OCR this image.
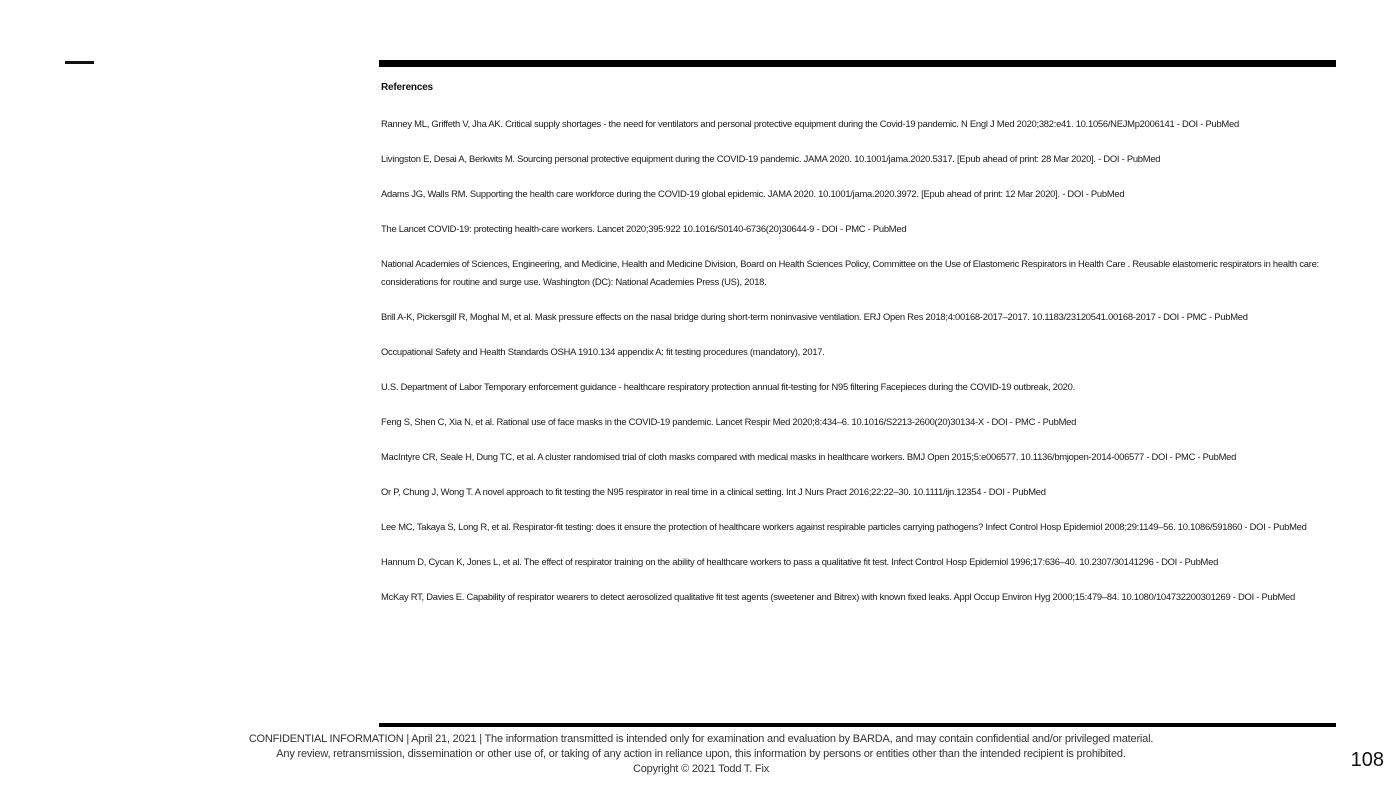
References
Ranney ML, Griffeth V, Jha AK. Critical supply shortages - the need for ventilators and personal protective equipment during the Covid-19 pandemic. N Engl J Med 2020;382:e41. 10.1056/NEJMp2006141 - DOI - PubMed
Livingston E, Desai A, Berkwits M. Sourcing personal protective equipment during the COVID-19 pandemic. JAMA 2020. 10.1001/jama.2020.5317. [Epub ahead of print: 28 Mar 2020]. - DOI - PubMed
Adams JG, Walls RM. Supporting the health care workforce during the COVID-19 global epidemic. JAMA 2020. 10.1001/jama.2020.3972. [Epub ahead of print: 12 Mar 2020]. - DOI - PubMed
The Lancet COVID-19: protecting health-care workers. Lancet 2020;395:922 10.1016/S0140-6736(20)30644-9 - DOI - PMC - PubMed
National Academies of Sciences, Engineering, and Medicine, Health and Medicine Division, Board on Health Sciences Policy, Committee on the Use of Elastomeric Respirators in Health Care . Reusable elastomeric respirators in health care: considerations for routine and surge use. Washington (DC): National Academies Press (US), 2018.
Brill A-K, Pickersgill R, Moghal M, et al. Mask pressure effects on the nasal bridge during short-term noninvasive ventilation. ERJ Open Res 2018;4:00168-2017–2017. 10.1183/23120541.00168-2017 - DOI - PMC - PubMed
Occupational Safety and Health Standards OSHA 1910.134 appendix A: fit testing procedures (mandatory), 2017.
U.S. Department of Labor Temporary enforcement guidance - healthcare respiratory protection annual fit-testing for N95 filtering Facepieces during the COVID-19 outbreak, 2020.
Feng S, Shen C, Xia N, et al. Rational use of face masks in the COVID-19 pandemic. Lancet Respir Med 2020;8:434–6. 10.1016/S2213-2600(20)30134-X - DOI - PMC - PubMed
MacIntyre CR, Seale H, Dung TC, et al. A cluster randomised trial of cloth masks compared with medical masks in healthcare workers. BMJ Open 2015;5:e006577. 10.1136/bmjopen-2014-006577 - DOI - PMC - PubMed
Or P, Chung J, Wong T. A novel approach to fit testing the N95 respirator in real time in a clinical setting. Int J Nurs Pract 2016;22:22–30. 10.1111/ijn.12354 - DOI - PubMed
Lee MC, Takaya S, Long R, et al. Respirator-fit testing: does it ensure the protection of healthcare workers against respirable particles carrying pathogens? Infect Control Hosp Epidemiol 2008;29:1149–56. 10.1086/591860 - DOI - PubMed
Hannum D, Cycan K, Jones L, et al. The effect of respirator training on the ability of healthcare workers to pass a qualitative fit test. Infect Control Hosp Epidemiol 1996;17:636–40. 10.2307/30141296 - DOI - PubMed
McKay RT, Davies E. Capability of respirator wearers to detect aerosolized qualitative fit test agents (sweetener and Bitrex) with known fixed leaks. Appl Occup Environ Hyg 2000;15:479–84. 10.1080/104732200301269 - DOI - PubMed
CONFIDENTIAL INFORMATION | April 21, 2021 | The information transmitted is intended only for examination and evaluation by BARDA, and may contain confidential and/or privileged material.
Any review, retransmission, dissemination or other use of, or taking of any action in reliance upon, this information by persons or entities other than the intended recipient is prohibited.
Copyright © 2021 Todd T. Fix	108
